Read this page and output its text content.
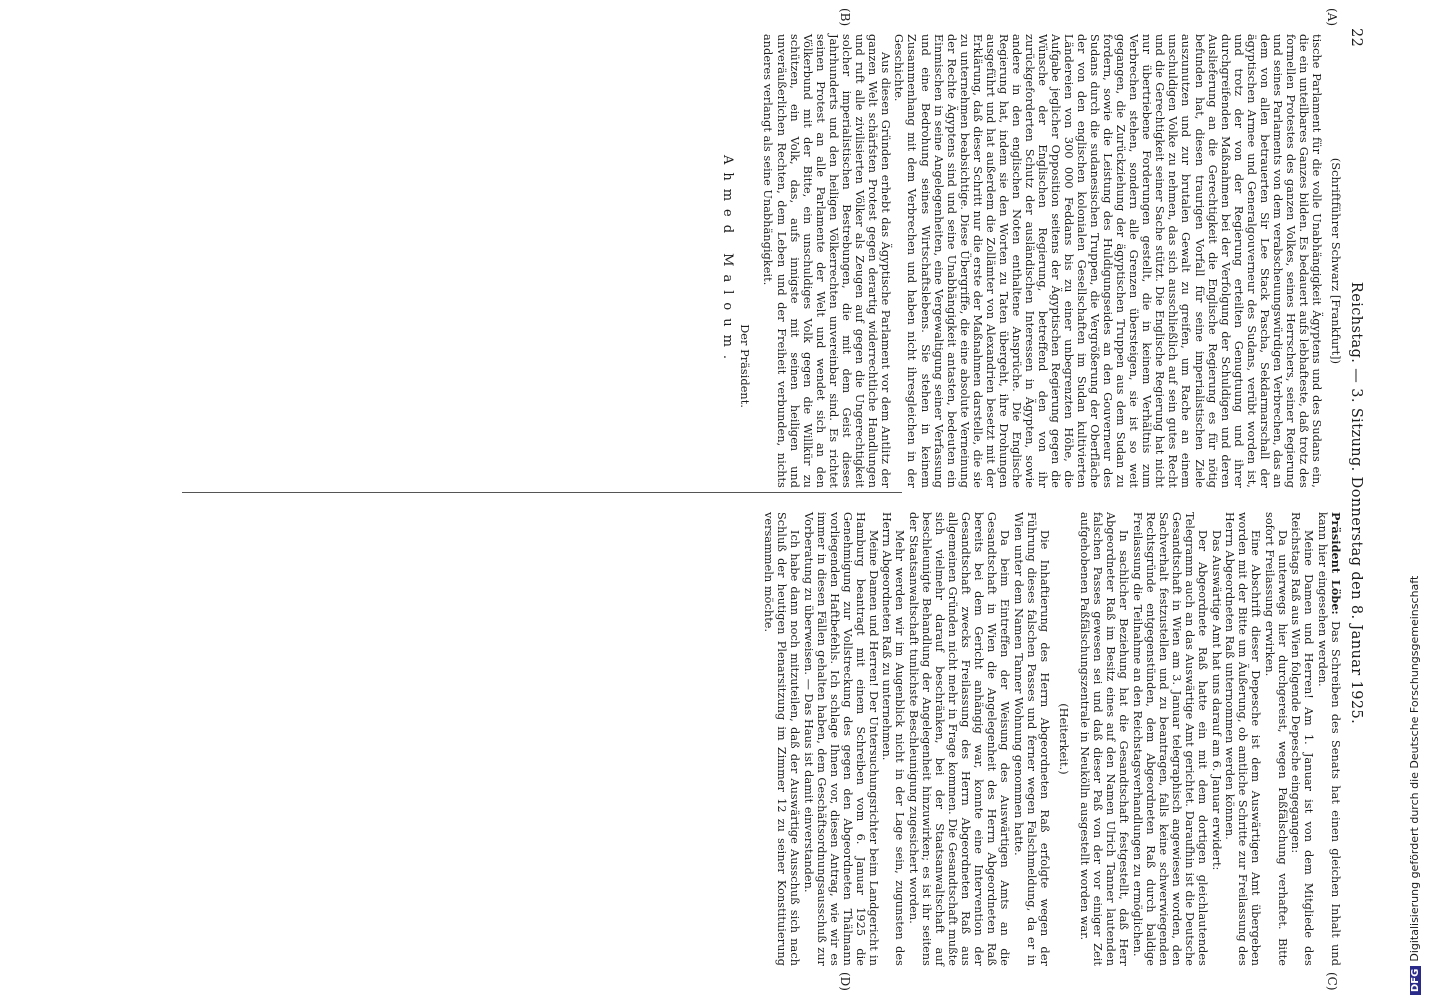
22
Reichstag. — 3. Sitzung. Donnerstag den 8. Januar 1925.
(A)
(B)
(C)
(D)

(Schriftführer Schwarz [Frankfurt])

tische Parlament für die volle Unabhängigkeit Ägyptens und des Sudans ein, die ein unteilbares Ganzes bilden. Es bedauert aufs lebhafteste, daß trotz des formellen Protestes des ganzen Volkes, seines Herrschers, seiner Regierung und seines Parlaments von dem verabscheuungswürdigen Verbrechen, das an dem von allen betrauerten Sir Lee Stack Pascha, Sekdarmarschall der ägyptischen Armee und Generalgouverneur des Sudans, verübt worden ist, und trotz der von der Regierung erteilten Genugtuung und ihrer durchgreifenden Maßnahmen bei der Verfolgung der Schuldigen und deren Auslieferung an die Gerechtigkeit die Englische Regierung es für nötig befunden hat, diesen traurigen Vorfall für seine imperialistischen Ziele auszunutzen und zur brutalen Gewalt zu greifen, um Rache an einem unschuldigen Volke zu nehmen, das sich ausschließlich auf sein gutes Recht und die Gerechtigkeit seiner Sache stützt. Die Englische Regierung hat nicht nur übertriebene Forderungen gestellt, die in keinem Verhältnis zum Verbrechen stehen, sondern alle Grenzen übersteigen, sie ist so weit gegangen, die Zurückziehung der ägyptischen Truppen aus dem Sudan zu fordern, sowie die Leistung des Huldigungseides an den Gouverneur des Sudans durch die sudanesischen Truppen, die Vergrößerung der Oberfläche der von den englischen kolonialen Gesellschaften im Sudan kultivierten Ländereien von 300 000 Feddans bis zu einer unbegrenzten Höhe, die Aufgabe jeglicher Opposition seitens der Ägyptischen Regierung gegen die Wünsche der Englischen Regierung, betreffend den von ihr zurückgeforderten Schutz der ausländischen Interessen in Ägypten, sowie andere in den englischen Noten enthaltene Ansprüche. Die Englische Regierung hat, indem sie den Worten zu Taten übergeht, ihre Drohungen ausgeführt und hat außerdem die Zollämter von Alexandrien besetzt mit der Erklärung, daß dieser Schritt nur die erste der Maßnahmen darstelle, die sie zu unternehmen beabsichtige. Diese Übergriffe, die eine absolute Verneinung der Rechte Ägyptens sind und seine Unabhängigkeit antasten, bedeuten ein Einmischen in seine Angelegenheiten, eine Vergewaltigung seiner Verfassung und eine Bedrohung seines Wirtschaftslebens. Sie stehen in keinem Zusammenhang mit dem Verbrechen und haben nicht ihresgleichen in der Geschichte.

Aus diesen Gründen erhebt das Ägyptische Parlament vor dem Antlitz der ganzen Welt schärfsten Protest gegen derartig widerrechtliche Handlungen und ruft alle zivilisierten Völker als Zeugen auf gegen die Ungerechtigkeit solcher imperialistischen Bestrebungen, die mit dem Geist dieses Jahrhunderts und den heiligen Völkerrechten unvereinbar sind. Es richtet seinen Protest an alle Parlamente der Welt und wendet sich an den Völkerbund mit der Bitte, ein unschuldiges Volk gegen die Willkür zu schützen, ein Volk, das, aufs innigste mit seinen heiligen und unveräußerlichen Rechten, dem Leben und der Freiheit verbunden, nichts anderes verlangt als seine Unabhängigkeit.

Der Präsident.
Ahmed Maloum.

Präsident Löbe: Das Schreiben des Senats hat einen gleichen Inhalt und kann hier eingesehen werden.

Meine Damen und Herren! Am 1. Januar ist von dem Mitgliede des Reichstags Raß aus Wien folgende Depesche eingegangen:

Da unterwegs hier durchgereist, wegen Paßfälschung verhaftet. Bitte sofort Freilassung erwirken.

Eine Abschrift dieser Depesche ist dem Auswärtigen Amt übergeben worden mit der Bitte um Äußerung, ob amtliche Schritte zur Freilassung des Herrn Abgeordneten Raß unternommen werden können.

Das Auswärtige Amt hat uns darauf am 6. Januar erwidert:

Der Abgeordnete Raß hatte ein mit dem dortigen gleichlautendes Telegramm auch an das Auswärtige Amt gerichtet. Daraufhin ist die Deutsche Gesandtschaft in Wien am 3. Januar telegraphisch angewiesen worden, den Sachverhalt festzustellen und zu beantragen, falls keine schwerwiegenden Rechtsgründe entgegenstünden, dem Abgeordneten Raß durch baldige Freilassung die Teilnahme an den Reichstagsverhandlungen zu ermöglichen.

In sachlicher Beziehung hat die Gesandtschaft festgestellt, daß Herr Abgeordneter Raß im Besitz eines auf den Namen Ulrich Tanner lautenden falschen Passes gewesen sei und daß dieser Paß von der vor einiger Zeit aufgehobenen Paßfälschungszentrale in Neukölln ausgestellt worden war.

(Heiterkeit.)

Die Inhaftierung des Herrn Abgeordneten Raß erfolgte wegen der Führung dieses falschen Passes und ferner wegen Falschmeldung, da er in Wien unter dem Namen Tanner Wohnung genommen hatte.

Da beim Eintreffen der Weisung des Auswärtigen Amts an die Gesandtschaft in Wien die Angelegenheit des Herrn Abgeordneten Raß bereits bei dem Gericht anhängig war, konnte eine Intervention der Gesandtschaft zwecks Freilassung des Herrn Abgeordneten Raß aus allgemeinen Gründen nicht mehr in Frage kommen. Die Gesandtschaft mußte sich vielmehr darauf beschränken, bei der Staatsanwaltschaft auf beschleunigte Behandlung der Angelegenheit hinzuwirken; es ist ihr seitens der Staatsanwaltschaft tunlichste Beschleunigung zugesichert worden.

Mehr werden wir im Augenblick nicht in der Lage sein, zugunsten des Herrn Abgeordneten Raß zu unternehmen.

Meine Damen und Herren! Der Untersuchungsrichter beim Landgericht in Hamburg beantragt mit einem Schreiben vom 6. Januar 1925 die Genehmigung zur Vollstreckung des gegen den Abgeordneten Thälmann vorliegenden Haftbefehls. Ich schlage Ihnen vor, diesen Antrag, wie wir es immer in diesen Fällen gehalten haben, dem Geschäftsordnungsausschuß zur Vorberatung zu überweisen. — Das Haus ist damit einverstanden.

Ich habe dann noch mitzuteilen, daß der Auswärtige Ausschuß sich nach Schluß der heutigen Plenarsitzung im Zimmer 12 zu seiner Konstituierung versammeln möchte.

DFGDigitalisierung gefördert durch die Deutsche Forschungsgemeinschaft
